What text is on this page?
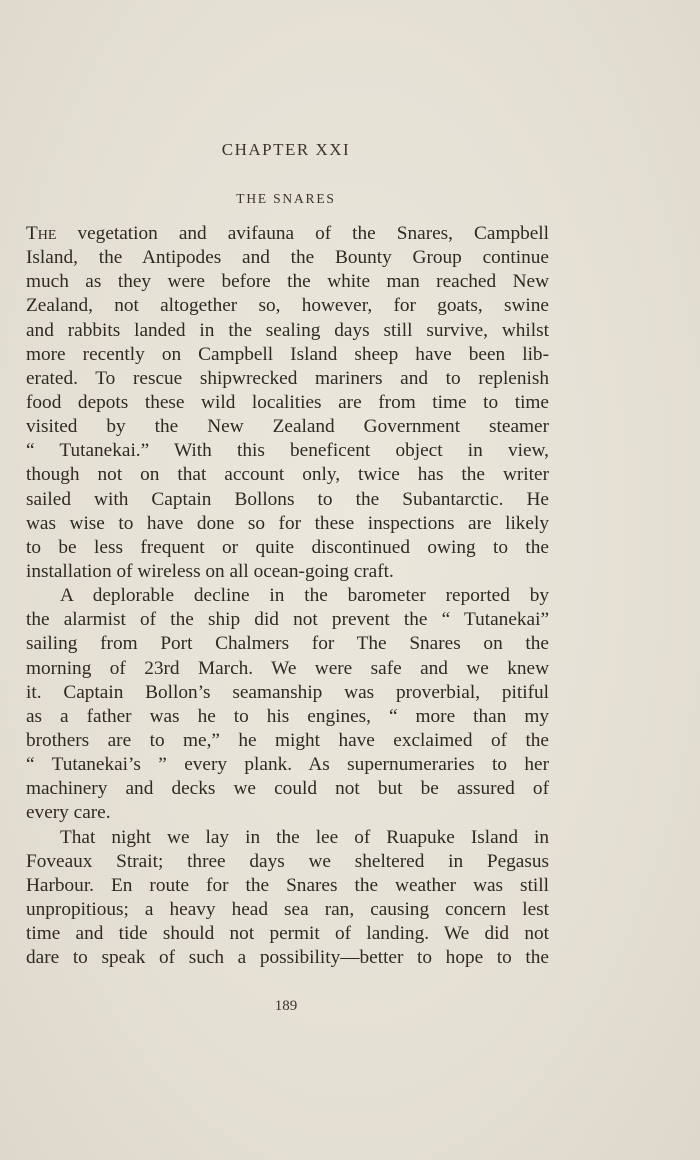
CHAPTER XXI
THE SNARES
The vegetation and avifauna of the Snares, Campbell
Island, the Antipodes and the Bounty Group continue
much as they were before the white man reached New
Zealand, not altogether so, however, for goats, swine
and rabbits landed in the sealing days still survive, whilst
more recently on Campbell Island sheep have been lib-
erated. To rescue shipwrecked mariners and to replenish
food depots these wild localities are from time to time
visited by the New Zealand Government steamer
“ Tutanekai.” With this beneficent object in view,
though not on that account only, twice has the writer
sailed with Captain Bollons to the Subantarctic. He
was wise to have done so for these inspections are likely
to be less frequent or quite discontinued owing to the
installation of wireless on all ocean-going craft.
A deplorable decline in the barometer reported by
the alarmist of the ship did not prevent the “ Tutanekai”
sailing from Port Chalmers for The Snares on the
morning of 23rd March. We were safe and we knew
it. Captain Bollon’s seamanship was proverbial, pitiful
as a father was he to his engines, “ more than my
brothers are to me,” he might have exclaimed of the
“ Tutanekai’s ” every plank. As supernumeraries to her
machinery and decks we could not but be assured of
every care.
That night we lay in the lee of Ruapuke Island in
Foveaux Strait; three days we sheltered in Pegasus
Harbour. En route for the Snares the weather was still
unpropitious; a heavy head sea ran, causing concern lest
time and tide should not permit of landing. We did not
dare to speak of such a possibility—better to hope to the
189
